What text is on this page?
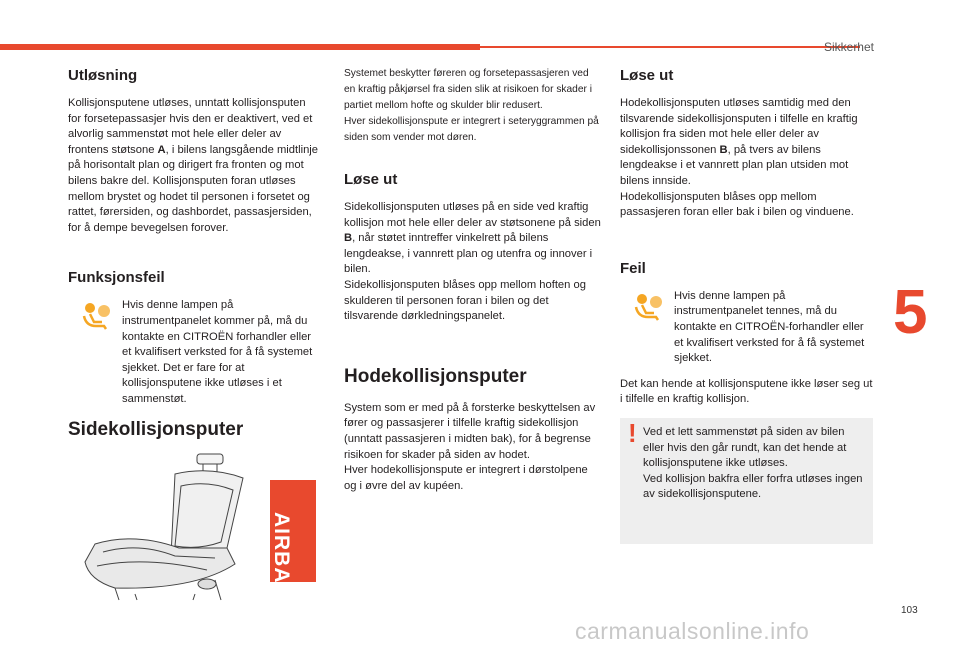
Sikkerhet
5
103
carmanualsonline.info
Utløsning

Kollisjonsputene utløses, unntatt kollisjonsputen for forsetepassasjer hvis den er deaktivert, ved et alvorlig sammenstøt mot hele eller deler av frontens støtsone A, i bilens langsgående midtlinje på horisontalt plan og dirigert fra fronten og mot bilens bakre del. Kollisjonsputen foran utløses mellom brystet og hodet til personen i forsetet og rattet, førersiden, og dashbordet, passasjersiden, for å dempe bevegelsen forover.

Funksjonsfeil

Hvis denne lampen på instrumentpanelet kommer på, må du kontakte en CITROËN forhandler eller et kvalifisert verksted for å få systemet sjekket. Det er fare for at kollisjonsputene ikke utløses i et sammenstøt.

Sidekollisjonsputer
AIRBAG

Systemet beskytter føreren og forsetepassasjeren ved en kraftig påkjørsel fra siden slik at risikoen for skader i partiet mellom hofte og skulder blir redusert.

Hver sidekollisjonspute er integrert i seteryggrammen på siden som vender mot døren.

Løse ut

Sidekollisjonsputen utløses på en side ved kraftig kollisjon mot hele eller deler av støtsonene på siden B, når støtet inntreffer vinkelrett på bilens lengdeakse, i vannrett plan og utenfra og innover i bilen.

Sidekollisjonsputen blåses opp mellom hoften og skulderen til personen foran i bilen og det tilsvarende dørkledningspanelet.

Hodekollisjonsputer

System som er med på å forsterke beskyttelsen av fører og passasjerer i tilfelle kraftig sidekollisjon (unntatt passasjeren i midten bak), for å begrense risikoen for skader på siden av hodet.

Hver hodekollisjonspute er integrert i dørstolpene og i øvre del av kupéen.

Løse ut

Hodekollisjonsputen utløses samtidig med den tilsvarende sidekollisjonsputen i tilfelle en kraftig kollisjon fra siden mot hele eller deler av sidekollisjonssonen B, på tvers av bilens lengdeakse i et vannrett plan plan utsiden mot bilens innside.

Hodekollisjonsputen blåses opp mellom passasjeren foran eller bak i bilen og vinduene.

Feil

Hvis denne lampen på instrumentpanelet tennes, må du kontakte en CITROËN-forhandler eller et kvalifisert verksted for å få systemet sjekket.

Det kan hende at kollisjonsputene ikke løser seg ut i tilfelle en kraftig kollisjon.

! Ved et lett sammenstøt på siden av bilen eller hvis den går rundt, kan det hende at kollisjonsputene ikke utløses.

Ved kollisjon bakfra eller forfra utløses ingen av sidekollisjonsputene.
